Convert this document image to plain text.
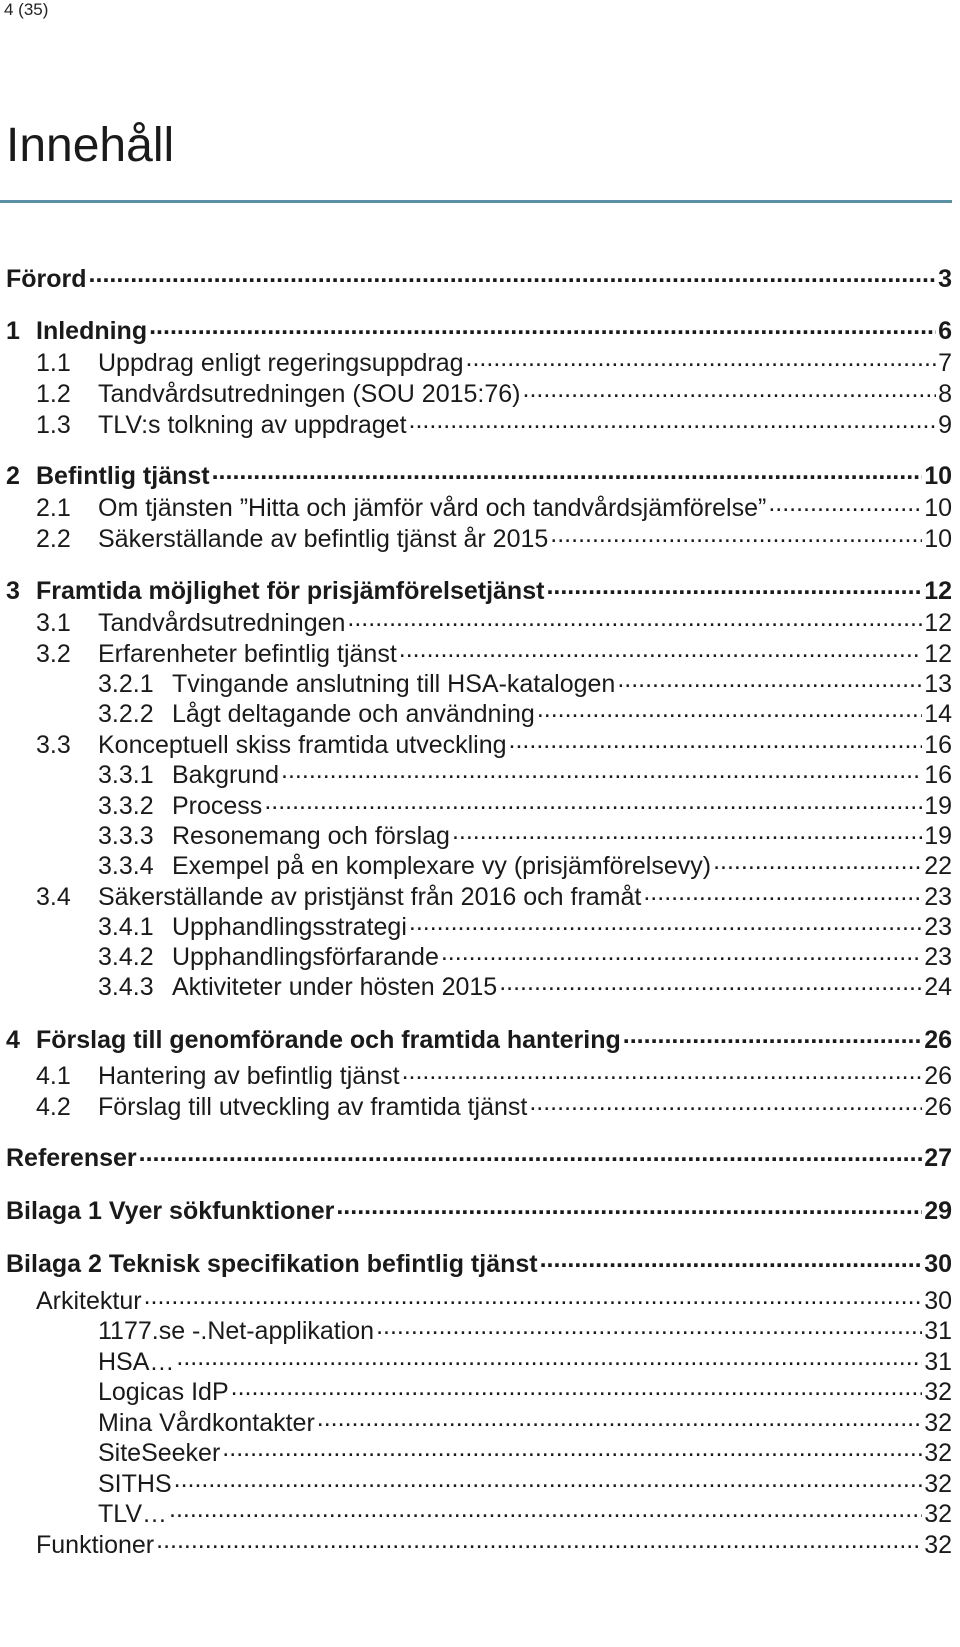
4 (35)
Innehåll
Förord .....	3
1 Inledning .....	6
1.1	Uppdrag enligt regeringsuppdrag .....	7
1.2	Tandvårdsutredningen (SOU 2015:76) .....	8
1.3	TLV:s tolkning av uppdraget .....	9
2 Befintlig tjänst .....	10
2.1	Om tjänsten ”Hitta och jämför vård och tandvårdsjämförelse” .....	10
2.2	Säkerställande av befintlig tjänst år 2015 .....	10
3 Framtida möjlighet för prisjämförelsetjänst .....	12
3.1	Tandvårdsutredningen .....	12
3.2	Erfarenheter befintlig tjänst .....	12
3.2.1 Tvingande anslutning till HSA-katalogen .....	13
3.2.2 Lågt deltagande och användning .....	14
3.3	Konceptuell skiss framtida utveckling .....	16
3.3.1 Bakgrund .....	16
3.3.2 Process .....	19
3.3.3 Resonemang och förslag .....	19
3.3.4 Exempel på en komplexare vy (prisjämförelsevy) .....	22
3.4	Säkerställande av pristjänst från 2016 och framåt .....	23
3.4.1 Upphandlingsstrategi .....	23
3.4.2 Upphandlingsförfarande .....	23
3.4.3 Aktiviteter under hösten 2015 .....	24
4 Förslag till genomförande och framtida hantering .....	26
4.1	Hantering av befintlig tjänst .....	26
4.2	Förslag till utveckling av framtida tjänst .....	26
Referenser .....	27
Bilaga 1 Vyer sökfunktioner .....	29
Bilaga 2 Teknisk specifikation befintlig tjänst .....	30
Arkitektur .....	30
1177.se -.Net-applikation .....	31
HSA… .....	31
Logicas IdP .....	32
Mina Vårdkontakter .....	32
SiteSeeker .....	32
SITHS .....	32
TLV… .....	32
Funktioner .....	32
